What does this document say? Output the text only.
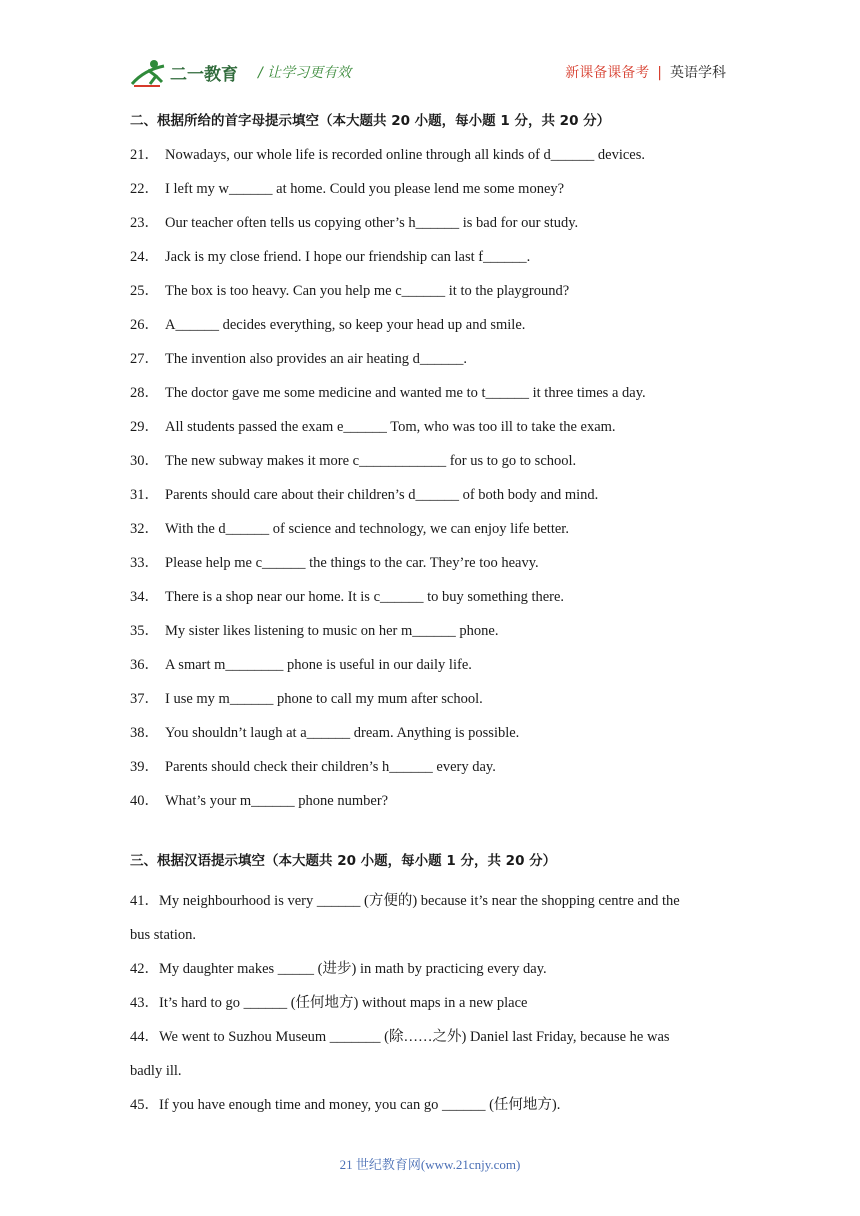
二一教育 / 让学习更有效	新课备课备考 | 英语学科
二、根据所给的首字母提示填空（本大题共 20 小题，每小题 1 分，共 20 分）
21． Nowadays, our whole life is recorded online through all kinds of d______ devices.
22． I left my w______ at home. Could you please lend me some money?
23． Our teacher often tells us copying other’s h______ is bad for our study.
24． Jack is my close friend. I hope our friendship can last f______.
25． The box is too heavy. Can you help me c______ it to the playground?
26． A______ decides everything, so keep your head up and smile.
27． The invention also provides an air heating d______.
28． The doctor gave me some medicine and wanted me to t______ it three times a day.
29． All students passed the exam e______ Tom, who was too ill to take the exam.
30． The new subway makes it more c____________ for us to go to school.
31． Parents should care about their children’s d______ of both body and mind.
32． With the d______ of science and technology, we can enjoy life better.
33． Please help me c______ the things to the car. They’re too heavy.
34． There is a shop near our home. It is c______ to buy something there.
35． My sister likes listening to music on her m______ phone.
36． A smart m________ phone is useful in our daily life.
37． I use my m______ phone to call my mum after school.
38． You shouldn’t laugh at a______ dream. Anything is possible.
39． Parents should check their children’s h______ every day.
40． What’s your m______ phone number?
三、根据汉语提示填空（本大题共 20 小题，每小题 1 分，共 20 分）
41．My neighbourhood is very ______ (方便的) because it’s near the shopping centre and the
bus station.
42．My daughter makes _____ (进步) in math by practicing every day.
43．It’s hard to go ______ (任何地方) without maps in a new place
44．We went to Suzhou Museum _______ (除……之外) Daniel last Friday, because he was
badly ill.
45．If you have enough time and money, you can go ______ (任何地方).
21 世纪教育网(www.21cnjy.com)
